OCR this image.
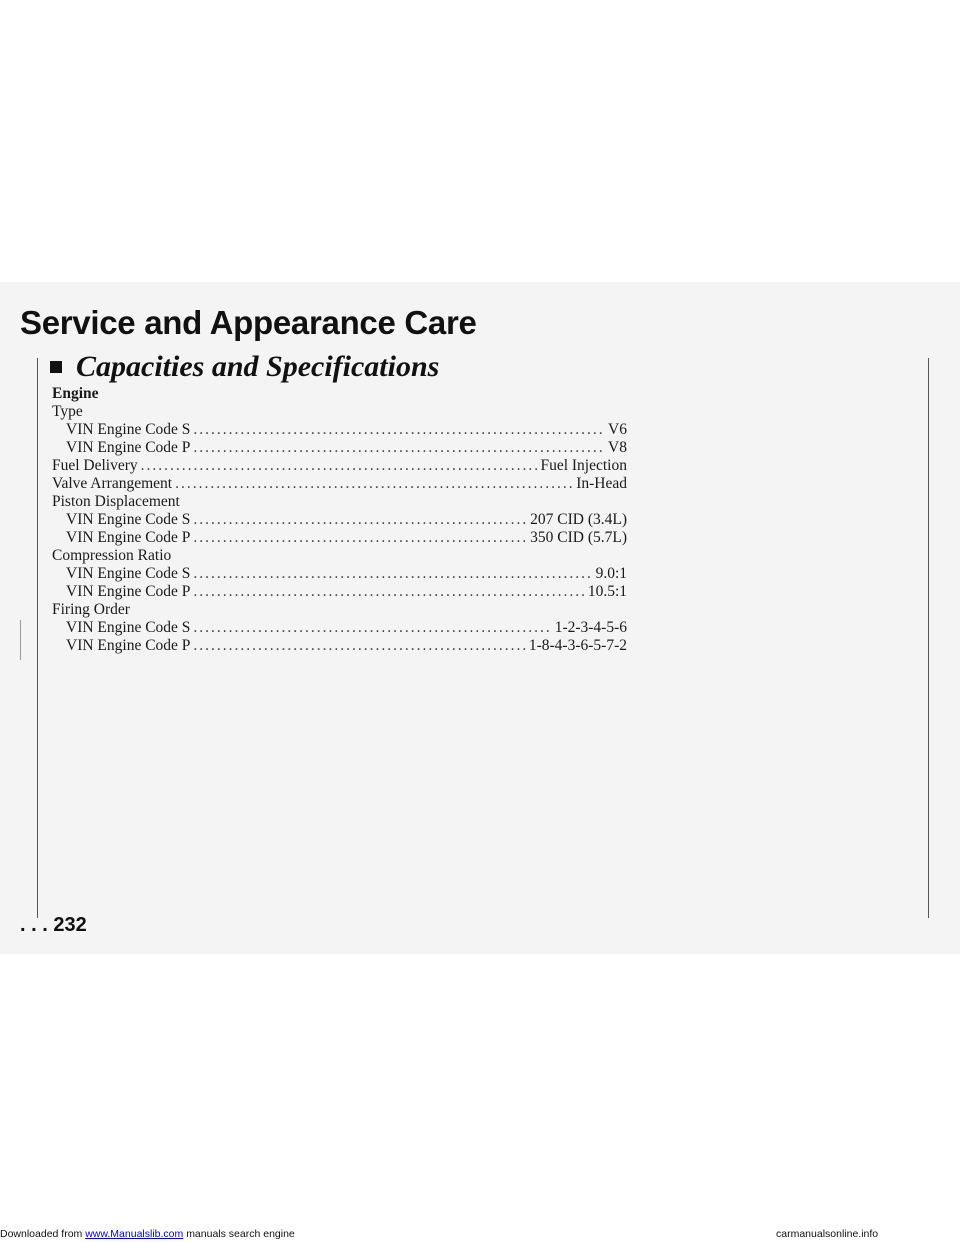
Service and Appearance Care
Capacities and Specifications
Engine
Type
VIN Engine Code S .....	V6
VIN Engine Code P .....	V8
Fuel Delivery .....	Fuel Injection
Valve Arrangement .....	In-Head
Piston Displacement
VIN Engine Code S .....	207 CID (3.4L)
VIN Engine Code P .....	350 CID (5.7L)
Compression Ratio
VIN Engine Code S .....	9.0:1
VIN Engine Code P .....	10.5:1
Firing Order
VIN Engine Code S .....	1-2-3-4-5-6
VIN Engine Code P .....	1-8-4-3-6-5-7-2
. . . 232
Downloaded from www.Manualslib.com manuals search engine	carmanualsonline.info
